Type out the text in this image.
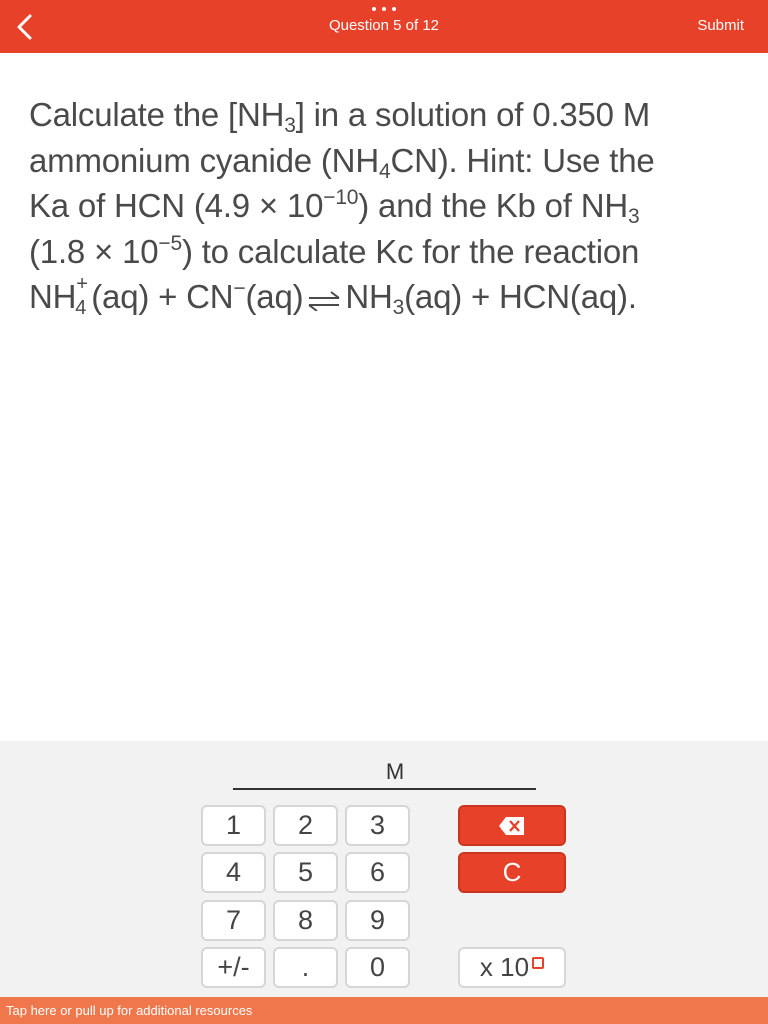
Question 5 of 12	Submit
Calculate the $[NH_3]$ in a solution of 0.350 M
ammonium cyanide $(NH_4CN)$. Hint: Use the
Ka of HCN $(4.9 \times 10^{-10})$ and the Kb of $NH_3$
$(1.8 \times 10^{-5})$ to calculate Kc for the reaction
NH +
4 (aq) + CN−(aq) ⇌ $NH_3(aq) + HCN(aq)$.
M
1	2	3
4	5	6
7	8	9
+/-	.	0
C
x 10
Tap here or pull up for additional resources
